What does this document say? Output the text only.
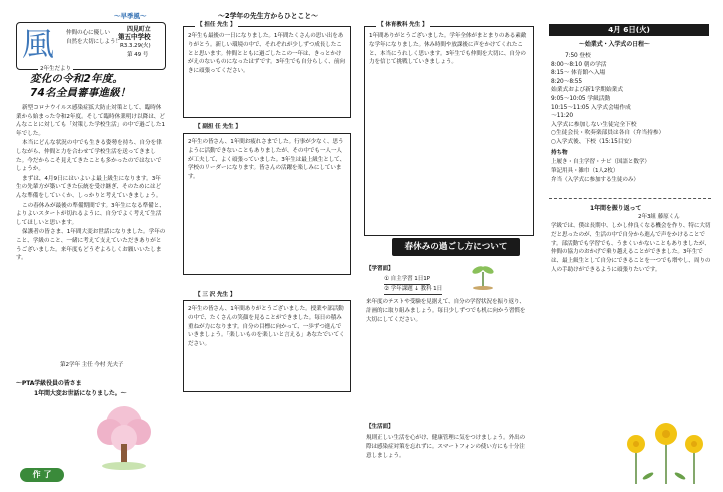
〜早季風〜
風 仲間の心に優しい
自然を大切にしよう！
四見町立
第五中学校
R3.3.29(火)
第 49 号
2年生だより
変化の令和2年度。
74名全員審事進級！

新型コロナウイルス感染症拡大防止対策として、臨時休業から始まった令和2年度。そして臨時休業明け以降は、どんなことに対しても「対策した学校生活」の中で過ごした1年でした。

本当にどんな状況の中でも生きる姿勢を持ち、自分を律しながら、仲間と力を合わせて学校生活を送ってきました。今だからこそ見えてきたことも多かったのではないでしょうか。

まずは、4月9日にはいよいよ最上級生になります。3年生の先輩方が築いてきた伝統を受け継ぎ、そのためにはどんな準備をしていくか、しっかりと考えていきましょう。

この春休みが最後の準備期間です。3年生になる準備と、よりよいスタートが切れるように、自分でよく考えて生活してほしいと思います。

保護者の皆さま、1年間大変お世話になりました。学年のこと、学級のこと、一緒に考えて支えていただきありがとうございました。来年度もどうぞよろしくお願いいたします。

第2学年 主任 今村 光夫子
〜PTA学級役員の皆さま
1年間大変お世話になりました。〜
作 了
〜2学年の先生方からひとこと〜
【 担任 先生 】
2年生も最後の一日になりました。1年間たくさんの思い出をありがとう。新しい環境の中で、それぞれが少しずつ成長したことと思います。仲間とともに過ごしたこの一年は、きっとかけがえのないものになったはずです。3年生でも自分らしく、前向きに頑張ってください。
【 副担 任 先生 】
2年生の皆さん、1年間お疲れさまでした。行事が少なく、思うように活動できないこともありましたが、その中でも一人一人が工夫して、よく頑張っていました。3年生は最上級生として、学校のリーダーになります。皆さんの活躍を楽しみにしています。
【 三 沢 先生 】
2年生の皆さん、1年間ありがとうございました。授業や部活動の中で、たくさんの笑顔を見ることができました。毎日の積み重ねが力になります。自分の目標に向かって、一歩ずつ進んでいきましょう。「楽しいものを楽しいと言える」あなたでいてください。
【 体育教科 先生 】
1年間ありがとうございました。学年全体がまとまりのある素敵な学年になりました。休み時間や放課後に声をかけてくれたこと、本当にうれしく思います。3年生でも仲間を大切に、自分の力を信じて挑戦していきましょう。
春休みの過ごし方について
【学習面】
① 自主学習 1日1P
② 学年課題 ↓ 教科 1日
来年度のテストや受験を見据えて、自分の学習状況を振り返り、計画的に取り組みましょう。毎日少しずつでも机に向かう習慣を大切にしてください。
【生活面】
規則正しい生活を心がけ、健康管理に気をつけましょう。外出の際は感染症対策を忘れずに。スマートフォンの使い方にも十分注意しましょう。
4月 6日(火)
〜始業式・入学式の日程〜
7:50 登校
8:00〜8:10 朝の学活
8:15〜 体育館へ入場
8:20〜8:55
始業式および新1学期始業式
9:05〜10:05 学級活動
10:15〜11:05 入学式会場作成
〜11:20
入学式に参加しない生徒完全下校
○生徒会長・吹奏楽部員は各自（弁当持参）
○入学式後、下校（15:15目安）
持ち物
上履き・自主学習・ナビ（国語と数学）
筆記用具・雑巾（1人2枚）
弁当（入学式に参加する生徒のみ）
1年間を振り返って
2年3組 藤原くん
学級では、僕は長期中、しかし仲良くなる機会を作り、特に大切だと思ったのが、生活の中で自分から進んで声をかけることです。部活動でも学習でも、うまくいかないこともありましたが、仲間の協力のおかげで乗り越えることができました。3年生では、最上級生として自分にできることを一つでも増やし、周りの人の手助けができるように頑張りたいです。
